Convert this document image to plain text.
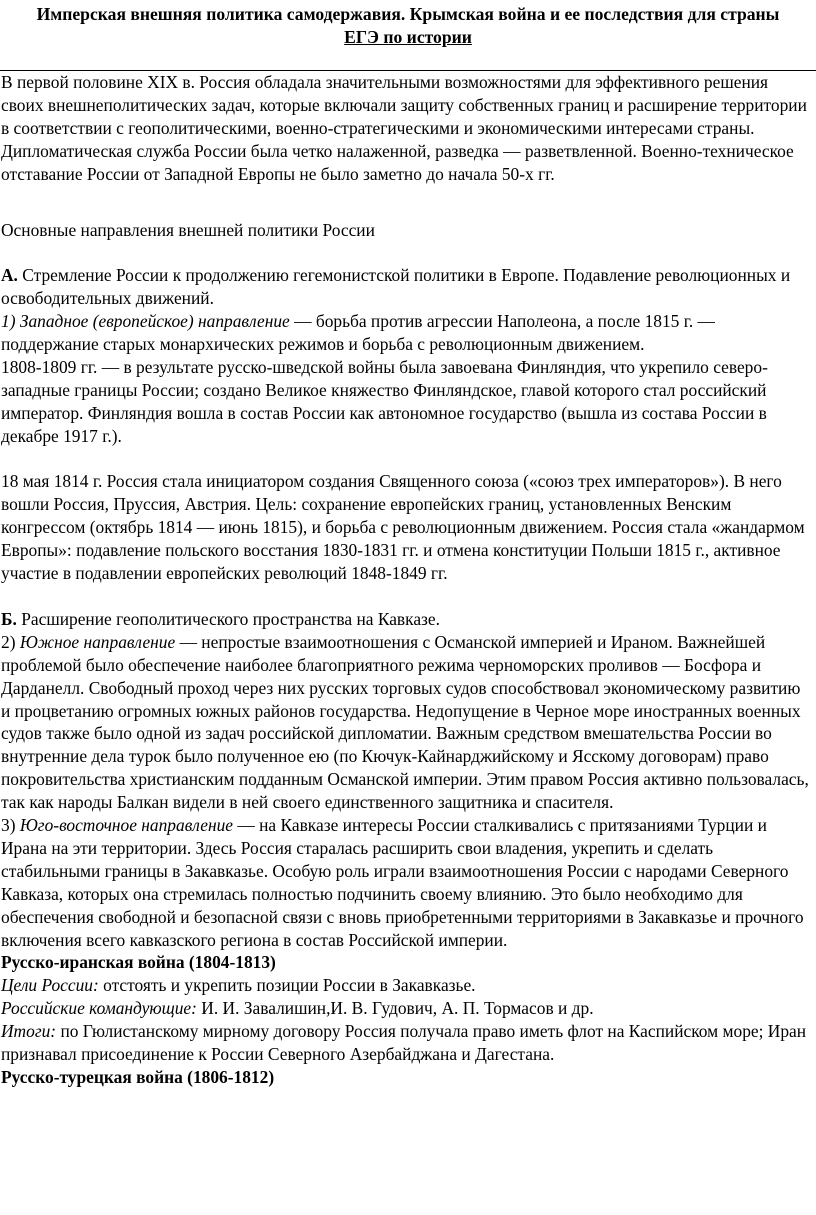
Имперская внешняя политика самодержавия. Крымская война и ее последствия для страны
ЕГЭ по истории

В первой половине XIX в. Россия обладала значительными возможностями для эффективного решения своих внешнеполитических задач, которые включали защиту собственных границ и расширение территории в соответствии с геополитическими, военно-стратегическими и экономическими интересами страны. Дипломатическая служба России была четко налаженной, разведка — разветвленной. Военно-техническое отставание России от Западной Европы не было заметно до начала 50-х гг.

Основные направления внешней политики России

А. Стремление России к продолжению гегемонистской политики в Европе. Подавление революционных и освободительных движений.

1) Западное (европейское) направление — борьба против агрессии Наполеона, а после 1815 г. — поддержание старых монархических режимов и борьба с революционным движением.

1808-1809 гг. — в результате русско-шведской войны была завоевана Финляндия, что укрепило северо-западные границы России; создано Великое княжество Финляндское, главой которого стал российский император. Финляндия вошла в состав России как автономное государство (вышла из состава России в декабре 1917 г.).

18 мая 1814 г. Россия стала инициатором создания Священного союза («союз трех императоров»). В него вошли Россия, Пруссия, Австрия. Цель: сохранение европейских границ, установленных Венским конгрессом (октябрь 1814 — июнь 1815), и борьба с революционным движением. Россия стала «жандармом Европы»: подавление польского восстания 1830-1831 гг. и отмена конституции Польши 1815 г., активное участие в подавлении европейских революций 1848-1849 гг.

Б. Расширение геополитического пространства на Кавказе.

2) Южное направление — непростые взаимоотношения с Османской империей и Ираном. Важнейшей проблемой было обеспечение наиболее благоприятного режима черноморских проливов — Босфора и Дарданелл. Свободный проход через них русских торговых судов способствовал экономическому развитию и процветанию огромных южных районов государства. Недопущение в Черное море иностранных военных судов также было одной из задач российской дипломатии. Важным средством вмешательства России во внутренние дела турок было полученное ею (по Кючук-Кайнарджийскому и Ясскому договорам) право покровительства христианским подданным Османской империи. Этим правом Россия активно пользовалась, так как народы Балкан видели в ней своего единственного защитника и спасителя.

3) Юго-восточное направление — на Кавказе интересы России сталкивались с притязаниями Турции и Ирана на эти территории. Здесь Россия старалась расширить свои владения, укрепить и сделать стабильными границы в Закавказье. Особую роль играли взаимоотношения России с народами Северного Кавказа, которых она стремилась полностью подчинить своему влиянию. Это было необходимо для обеспечения свободной и безопасной связи с вновь приобретенными территориями в Закавказье и прочного включения всего кавказского региона в состав Российской империи.

Русско-иранская война (1804-1813)

Цели России: отстоять и укрепить позиции России в Закавказье.

Российские командующие: И. И. Завалишин,И. В. Гудович, А. П. Тормасов и др.

Итоги: по Гюлистанскому мирному договору Россия получала право иметь флот на Каспийском море; Иран признавал присоединение к России Северного Азербайджана и Дагестана.

Русско-турецкая война (1806-1812)
